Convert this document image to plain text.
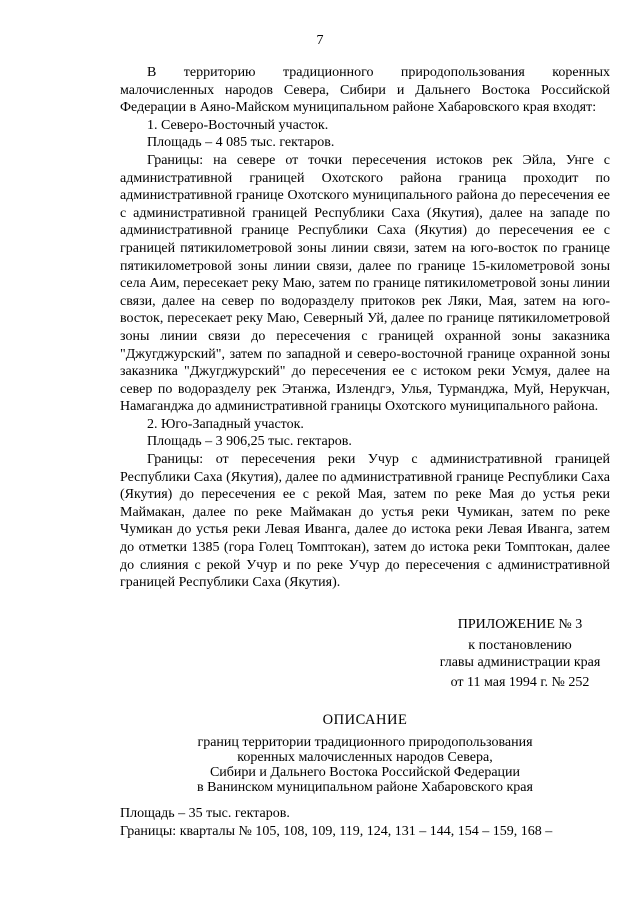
7

В территорию традиционного природопользования коренных малочисленных народов Севера, Сибири и Дальнего Востока Российской Федерации в Аяно-Майском муниципальном районе Хабаровского края входят:

1. Северо-Восточный участок.

Площадь – 4 085 тыс. гектаров.

Границы: на севере от точки пересечения истоков рек Эйла, Унге с административной границей Охотского района граница проходит по административной границе Охотского муниципального района до пересечения ее с административной границей Республики Саха (Якутия), далее на западе по административной границе Республики Саха (Якутия) до пересечения ее с границей пятикилометровой зоны линии связи, затем на юго-восток по границе пятикилометровой зоны линии связи, далее по границе 15-километровой зоны села Аим, пересекает реку Маю, затем по границе пятикилометровой зоны линии связи, далее на север по водоразделу притоков рек Ляки, Мая, затем на юго-восток, пересекает реку Маю, Северный Уй, далее по границе пятикилометровой зоны линии связи до пересечения с границей охранной зоны заказника "Джугджурский", затем по западной и северо-восточной границе охранной зоны заказника "Джугджурский" до пересечения ее с истоком реки Усмуя, далее на север по водоразделу рек Этанжа, Излендгэ, Улья, Турманджа, Муй, Нерукчан, Намаганджа до административной границы Охотского муниципального района.

2. Юго-Западный участок.

Площадь – 3 906,25 тыс. гектаров.

Границы: от пересечения реки Учур с административной границей Республики Саха (Якутия), далее по административной границе Республики Саха (Якутия) до пересечения ее с рекой Мая, затем по реке Мая до устья реки Маймакан, далее по реке Маймакан до устья реки Чумикан, затем по реке Чумикан до устья реки Левая Иванга, далее до истока реки Левая Иванга, затем до отметки 1385 (гора Голец Томптокан), затем до истока реки Томптокан, далее до слияния с рекой Учур и по реке Учур до пересечения с административной границей Республики Саха (Якутия).

ПРИЛОЖЕНИЕ № 3

к постановлению

главы администрации края

от 11 мая 1994 г. № 252

ОПИСАНИЕ

границ территории традиционного природопользования

коренных малочисленных народов Севера,

Сибири и Дальнего Востока Российской Федерации

в Ванинском муниципальном районе Хабаровского края

Площадь – 35 тыс. гектаров.

Границы: кварталы № 105, 108, 109, 119, 124, 131 – 144, 154 – 159, 168 –
